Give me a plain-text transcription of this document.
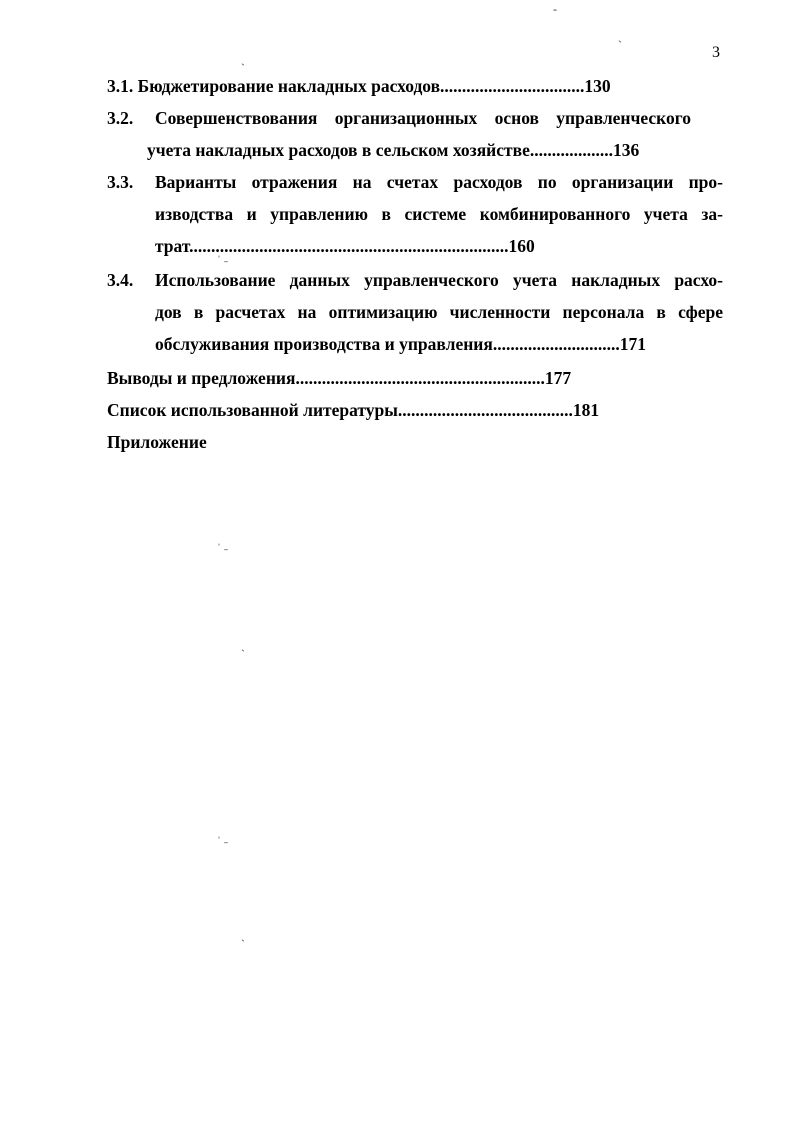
3
3.1. Бюджетирование накладных расходов.................................130
3.2. Совершенствования организационных основ управленческого
учета накладных расходов в сельском хозяйстве...................136
3.3. Варианты отражения на счетах расходов по организации про-
изводства и управлению в системе комбинированного учета за-
трат.........................................................................160
3.4. Использование данных управленческого учета накладных расхо-
дов в расчетах на оптимизацию численности персонала в сфере
обслуживания производства и управления.............................171
Выводы и предложения.........................................................177
Список использованной литературы........................................181
Приложение
-
`
ˏ
ˈ ˗
ˈ ˗
ˏ
ˈ ˗
ˏ
